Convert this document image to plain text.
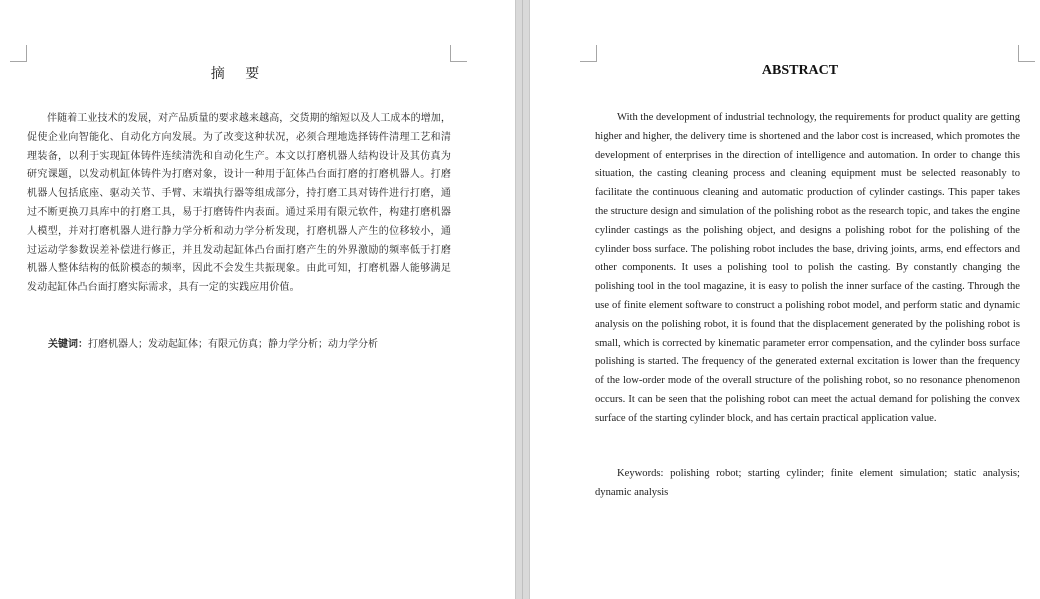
摘 要

伴随着工业技术的发展，对产品质量的要求越来越高，交货期的缩短以及人工成本的增加，促使企业向智能化、自动化方向发展。为了改变这种状况，必须合理地选择铸件清理工艺和清理装备，以利于实现缸体铸件连续清洗和自动化生产。本文以打磨机器人结构设计及其仿真为研究课题，以发动机缸体铸件为打磨对象，设计一种用于缸体凸台面打磨的打磨机器人。打磨机器人包括底座、驱动关节、手臂、末端执行器等组成部分，持打磨工具对铸件进行打磨，通过不断更换刀具库中的打磨工具，易于打磨铸件内表面。通过采用有限元软件，构建打磨机器人模型，并对打磨机器人进行静力学分析和动力学分析发现，打磨机器人产生的位移较小，通过运动学参数误差补偿进行修正，并且发动起缸体凸台面打磨产生的外界激励的频率低于打磨机器人整体结构的低阶模态的频率，因此不会发生共振现象。由此可知，打磨机器人能够满足发动起缸体凸台面打磨实际需求，具有一定的实践应用价值。

关键词：打磨机器人；发动起缸体；有限元仿真；静力学分析；动力学分析
ABSTRACT

With the development of industrial technology, the requirements for product quality are getting higher and higher, the delivery time is shortened and the labor cost is increased, which promotes the development of enterprises in the direction of intelligence and automation. In order to change this situation, the casting cleaning process and cleaning equipment must be selected reasonably to facilitate the continuous cleaning and automatic production of cylinder castings. This paper takes the structure design and simulation of the polishing robot as the research topic, and takes the engine cylinder castings as the polishing object, and designs a polishing robot for the polishing of the cylinder boss surface. The polishing robot includes the base, driving joints, arms, end effectors and other components. It uses a polishing tool to polish the casting. By constantly changing the polishing tool in the tool magazine, it is easy to polish the inner surface of the casting. Through the use of finite element software to construct a polishing robot model, and perform static and dynamic analysis on the polishing robot, it is found that the displacement generated by the polishing robot is small, which is corrected by kinematic parameter error compensation, and the cylinder boss surface polishing is started. The frequency of the generated external excitation is lower than the frequency of the low-order mode of the overall structure of the polishing robot, so no resonance phenomenon occurs. It can be seen that the polishing robot can meet the actual demand for polishing the convex surface of the starting cylinder block, and has certain practical application value.

Keywords: polishing robot; starting cylinder; finite element simulation; static analysis; dynamic analysis
